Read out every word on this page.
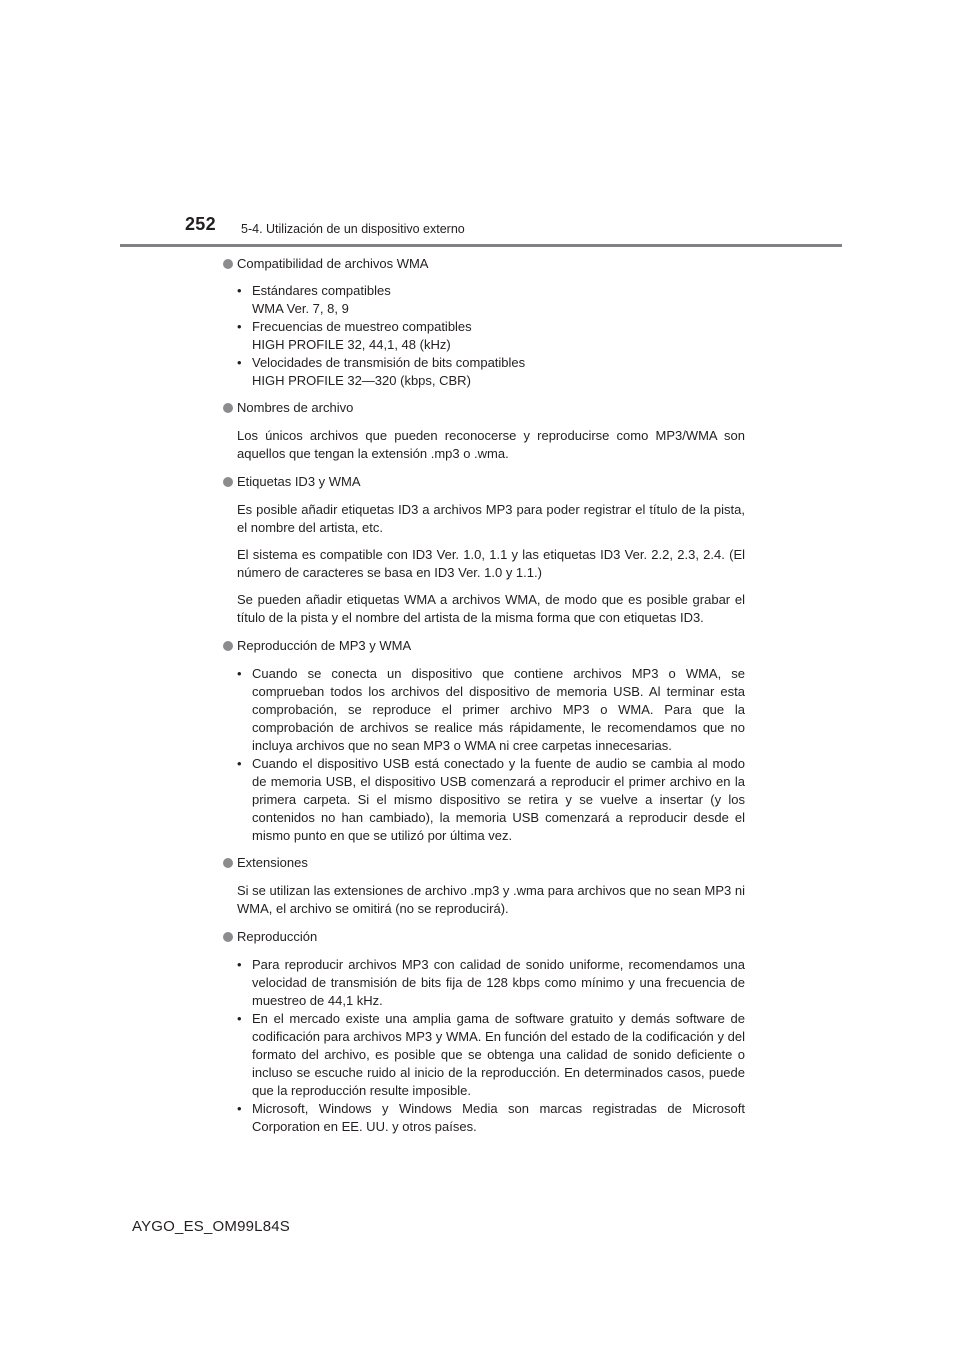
252 5-4. Utilización de un dispositivo externo

Compatibilidad de archivos WMA

• Estándares compatibles
WMA Ver. 7, 8, 9
• Frecuencias de muestreo compatibles
HIGH PROFILE 32, 44,1, 48 (kHz)
• Velocidades de transmisión de bits compatibles
HIGH PROFILE 32—320 (kbps, CBR)

Nombres de archivo

Los únicos archivos que pueden reconocerse y reproducirse como MP3/WMA son aquellos que tengan la extensión .mp3 o .wma.

Etiquetas ID3 y WMA

Es posible añadir etiquetas ID3 a archivos MP3 para poder registrar el título de la pista, el nombre del artista, etc.

El sistema es compatible con ID3 Ver. 1.0, 1.1 y las etiquetas ID3 Ver. 2.2, 2.3, 2.4. (El número de caracteres se basa en ID3 Ver. 1.0 y 1.1.)

Se pueden añadir etiquetas WMA a archivos WMA, de modo que es posible grabar el título de la pista y el nombre del artista de la misma forma que con etiquetas ID3.

Reproducción de MP3 y WMA

• Cuando se conecta un dispositivo que contiene archivos MP3 o WMA, se comprueban todos los archivos del dispositivo de memoria USB. Al terminar esta comprobación, se reproduce el primer archivo MP3 o WMA. Para que la comprobación de archivos se realice más rápidamente, le recomendamos que no incluya archivos que no sean MP3 o WMA ni cree carpetas innecesarias.
• Cuando el dispositivo USB está conectado y la fuente de audio se cambia al modo de memoria USB, el dispositivo USB comenzará a reproducir el primer archivo en la primera carpeta. Si el mismo dispositivo se retira y se vuelve a insertar (y los contenidos no han cambiado), la memoria USB comenzará a reproducir desde el mismo punto en que se utilizó por última vez.

Extensiones

Si se utilizan las extensiones de archivo .mp3 y .wma para archivos que no sean MP3 ni WMA, el archivo se omitirá (no se reproducirá).

Reproducción

• Para reproducir archivos MP3 con calidad de sonido uniforme, recomendamos una velocidad de transmisión de bits fija de 128 kbps como mínimo y una frecuencia de muestreo de 44,1 kHz.
• En el mercado existe una amplia gama de software gratuito y demás software de codificación para archivos MP3 y WMA. En función del estado de la codificación y del formato del archivo, es posible que se obtenga una calidad de sonido deficiente o incluso se escuche ruido al inicio de la reproducción. En determinados casos, puede que la reproducción resulte imposible.
• Microsoft, Windows y Windows Media son marcas registradas de Microsoft Corporation en EE. UU. y otros países.
AYGO_ES_OM99L84S
